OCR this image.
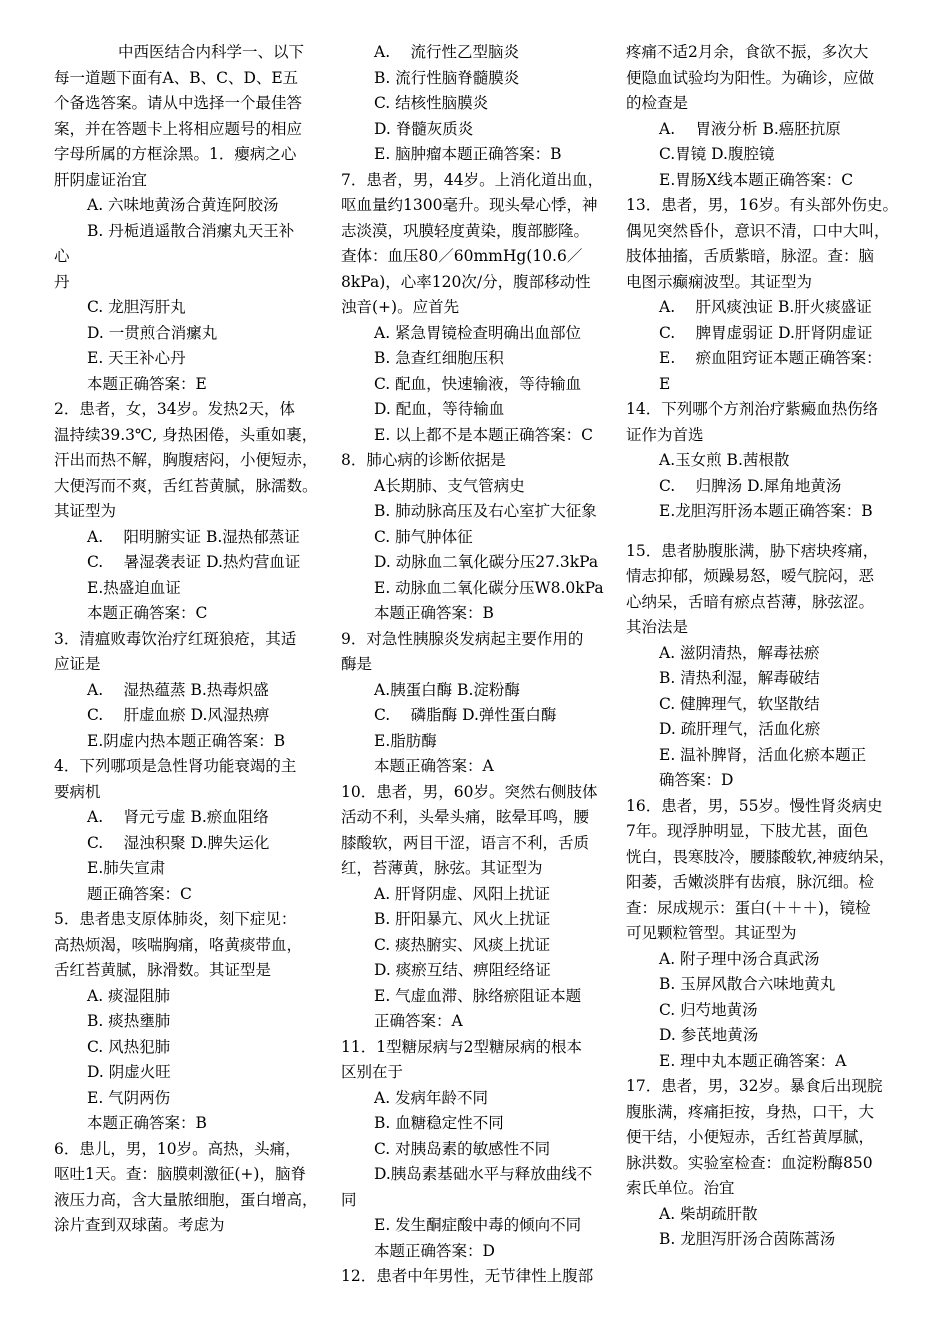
中西医结合内科学一、以下
每一道题下面有A、B、C、D、E五
个备选答案。请从中选择一个最佳答
案，并在答题卡上将相应题号的相应
字母所属的方框涂黑。1．瘿病之心
肝阴虚证治宜
A. 六味地黄汤合黄连阿胶汤
B. 丹栀逍遥散合消瘰丸天王补
心
丹
C. 龙胆泻肝丸
D. 一贯煎合消瘰丸
E. 天王补心丹
本题正确答案：E
2．患者，女，34岁。发热2天，体
温持续39.3℃, 身热困倦，头重如裹，
汗出而热不解，胸腹痞闷，小便短赤，
大便泻而不爽，舌红苔黄腻，脉濡数。
其证型为
A.　 阳明腑实证 B.湿热郁蒸证
C.　 暑湿袭表证 D.热灼营血证
E.热盛迫血证
本题正确答案：C
3．清瘟败毒饮治疗红斑狼疮，其适
应证是
A.　 湿热蕴蒸 B.热毒炽盛
C.　 肝虚血瘀 D.风湿热痹
E.阴虚内热本题正确答案：B
4．下列哪项是急性肾功能衰竭的主
要病机
A.　 肾元亏虚 B.瘀血阻络
C.　 湿浊积聚 D.脾失运化
E.肺失宣肃
题正确答案：C
5．患者患支原体肺炎，刻下症见：
高热烦渴，咳喘胸痛，咯黄痰带血，
舌红苔黄腻，脉滑数。其证型是
A. 痰湿阻肺
B. 痰热壅肺
C. 风热犯肺
D. 阴虚火旺
E. 气阴两伤
本题正确答案：B
6．患儿，男，10岁。高热，头痛，
呕吐1天。查：脑膜刺激征(+)，脑脊
液压力高，含大量脓细胞，蛋白增高，
涂片查到双球菌。考虑为
A.　 流行性乙型脑炎
B. 流行性脑脊髓膜炎
C. 结核性脑膜炎
D. 脊髓灰质炎
E. 脑肿瘤本题正确答案：B
7．患者，男，44岁。上消化道出血，
呕血量约1300毫升。现头晕心悸，神
志淡漠，巩膜轻度黄染，腹部膨隆。
查体：血压80／60mmHg(10.6／
8kPa)，心率120次/分，腹部移动性
浊音(+)。应首先
A. 紧急胃镜检查明确出血部位
B. 急查红细胞压积
C. 配血，快速输液，等待输血
D. 配血，等待输血
E. 以上都不是本题正确答案：C
8．肺心病的诊断依据是
A长期肺、支气管病史
B. 肺动脉高压及右心室扩大征象
C. 肺气肿体征
D. 动脉血二氧化碳分压27.3kPa
E. 动脉血二氧化碳分压W8.0kPa
本题正确答案：B
9．对急性胰腺炎发病起主要作用的
酶是
A.胰蛋白酶 B.淀粉酶
C.　 磷脂酶 D.弹性蛋白酶
E.脂肪酶
本题正确答案：A
10．患者，男，60岁。突然右侧肢体
活动不利，头晕头痛，眩晕耳鸣，腰
膝酸软，两目干涩，语言不利，舌质
红，苔薄黄，脉弦。其证型为
A. 肝肾阴虚、风阳上扰证
B. 肝阳暴亢、风火上扰证
C. 痰热腑实、风痰上扰证
D. 痰瘀互结、痹阻经络证
E. 气虚血滞、脉络瘀阻证本题
正确答案：A
11．1型糖尿病与2型糖尿病的根本
区别在于
A. 发病年龄不同
B. 血糖稳定性不同
C. 对胰岛素的敏感性不同
D.胰岛素基础水平与释放曲线不
同
E. 发生酮症酸中毒的倾向不同
本题正确答案：D
12．患者中年男性，无节律性上腹部
疼痛不适2月余，食欲不振，多次大
便隐血试验均为阳性。为确诊，应做
的检查是
A.　 胃液分析 B.癌胚抗原
C.胃镜 D.腹腔镜
E.胃肠X线本题正确答案：C
13．患者，男，16岁。有头部外伤史。
偶见突然昏仆，意识不清，口中大叫，
肢体抽搐，舌质紫暗，脉涩。查：脑
电图示癫痫波型。其证型为
A.　 肝风痰浊证 B.肝火痰盛证
C.　 脾胃虚弱证 D.肝肾阴虚证
E.　 瘀血阻窍证本题正确答案：
E
14．下列哪个方剂治疗紫癜血热伤络
证作为首选
A.玉女煎 B.茜根散
C.　 归脾汤 D.犀角地黄汤
E.龙胆泻肝汤本题正确答案：B
15．患者胁腹胀满，胁下痞块疼痛，
情志抑郁，烦躁易怒，嗳气脘闷，恶
心纳呆，舌暗有瘀点苔薄，脉弦涩。
其治法是
A. 滋阴清热，解毒祛瘀
B. 清热利湿，解毒破结
C. 健脾理气，软坚散结
D. 疏肝理气，活血化瘀
E. 温补脾肾，活血化瘀本题正
确答案：D
16．患者，男，55岁。慢性肾炎病史
7年。现浮肿明显，下肢尤甚，面色
恍白，畏寒肢冷，腰膝酸软,神疲纳呆，
阳萎，舌嫩淡胖有齿痕，脉沉细。检
查：尿成规示：蛋白(＋＋＋)，镜检
可见颗粒管型。其证型为
A. 附子理中汤合真武汤
B. 玉屏风散合六味地黄丸
C. 归芍地黄汤
D. 参芪地黄汤
E. 理中丸本题正确答案：A
17．患者，男，32岁。暴食后出现脘
腹胀满，疼痛拒按，身热，口干，大
便干结，小便短赤，舌红苔黄厚腻，
脉洪数。实验室检查：血淀粉酶850
索氏单位。治宜
A. 柴胡疏肝散
B. 龙胆泻肝汤合茵陈蒿汤
